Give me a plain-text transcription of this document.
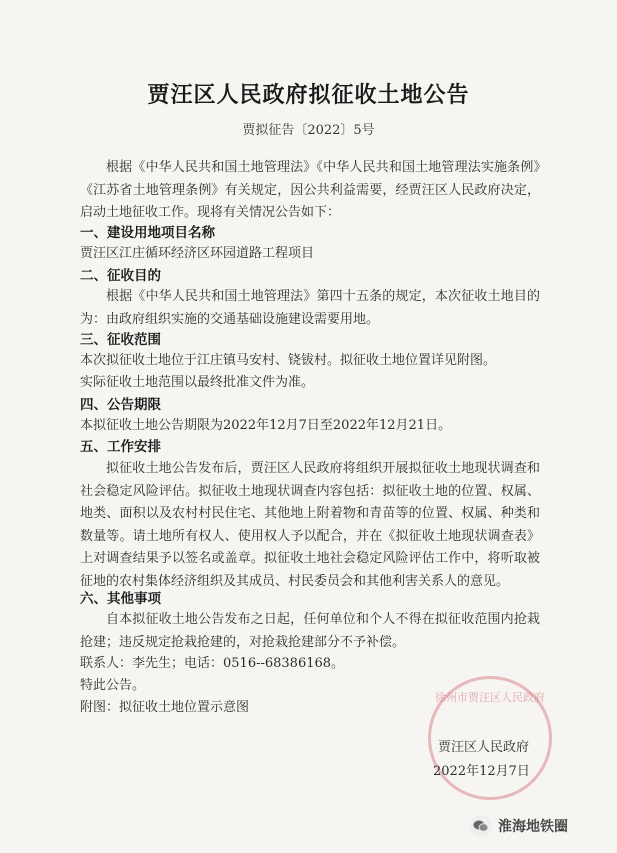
贾汪区人民政府拟征收土地公告
贾拟征告〔2022〕5号
根据《中华人民共和国土地管理法》《中华人民共和国土地管理法实施条例》《江苏省土地管理条例》有关规定，因公共利益需要，经贾汪区人民政府决定，启动土地征收工作。现将有关情况公告如下：
一、建设用地项目名称
贾汪区江庄循环经济区环园道路工程项目
二、征收目的
根据《中华人民共和国土地管理法》第四十五条的规定，本次征收土地目的为：由政府组织实施的交通基础设施建设需要用地。
三、征收范围
本次拟征收土地位于江庄镇马安村、铙钹村。拟征收土地位置详见附图。
实际征收土地范围以最终批准文件为准。
四、公告期限
本拟征收土地公告期限为2022年12月7日至2022年12月21日。
五、工作安排
拟征收土地公告发布后，贾汪区人民政府将组织开展拟征收土地现状调查和社会稳定风险评估。拟征收土地现状调查内容包括：拟征收土地的位置、权属、地类、面积以及农村村民住宅、其他地上附着物和青苗等的位置、权属、种类和数量等。请土地所有权人、使用权人予以配合，并在《拟征收土地现状调查表》上对调查结果予以签名或盖章。拟征收土地社会稳定风险评估工作中，将听取被征地的农村集体经济组织及其成员、村民委员会和其他利害关系人的意见。
六、其他事项
自本拟征收土地公告发布之日起，任何单位和个人不得在拟征收范围内抢栽抢建；违反规定抢栽抢建的，对抢栽抢建部分不予补偿。
联系人：李先生；电话：0516--68386168。
特此公告。
附图：拟征收土地位置示意图
徐州市贾汪区人民政府
贾汪区人民政府
2022年12月7日
淮海地铁圈
